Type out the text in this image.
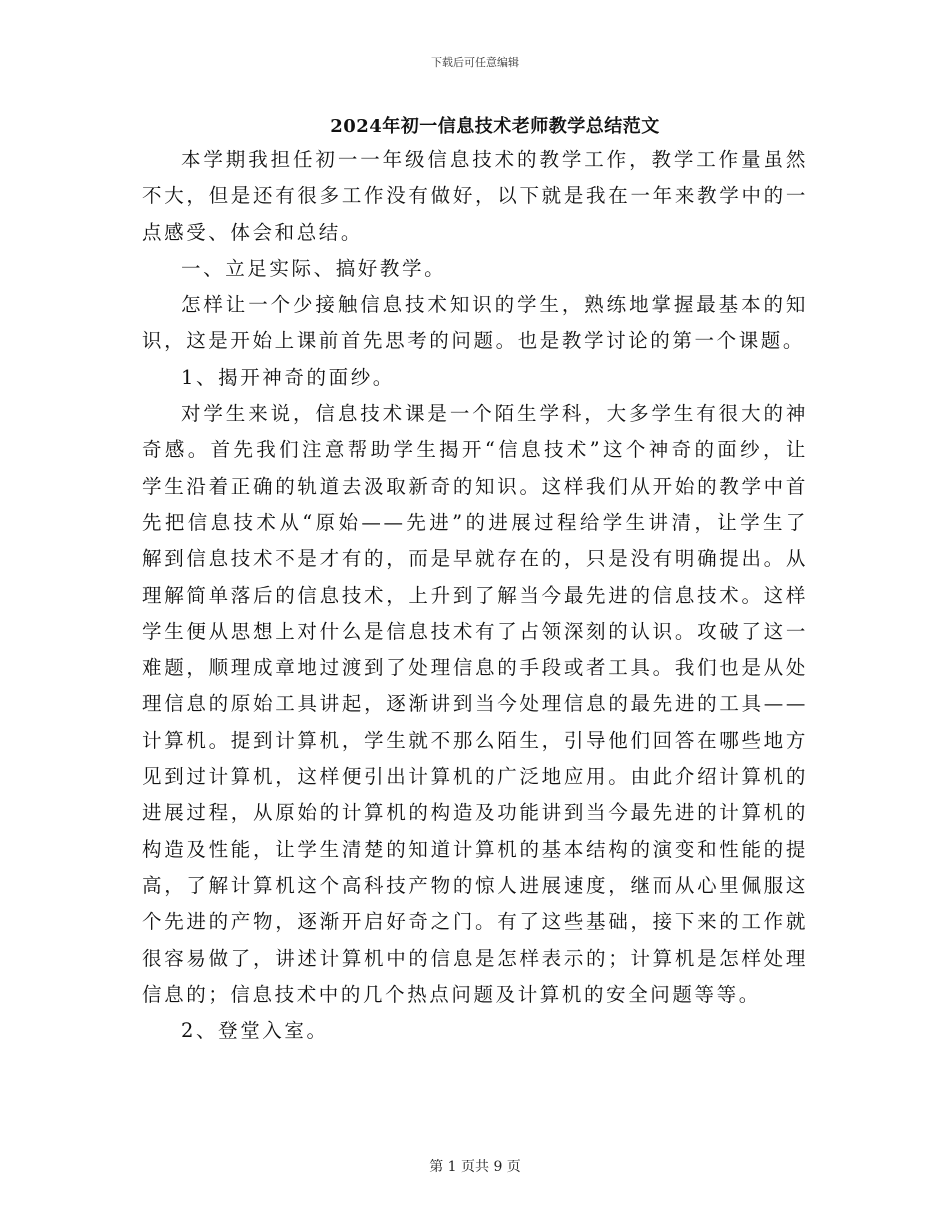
下载后可任意编辑
2024年初一信息技术老师教学总结范文

本学期我担任初一一年级信息技术的教学工作，教学工作量虽然不大，但是还有很多工作没有做好，以下就是我在一年来教学中的一点感受、体会和总结。

一、立足实际、搞好教学。

怎样让一个少接触信息技术知识的学生，熟练地掌握最基本的知识，这是开始上课前首先思考的问题。也是教学讨论的第一个课题。

1、揭开神奇的面纱。

对学生来说，信息技术课是一个陌生学科，大多学生有很大的神奇感。首先我们注意帮助学生揭开“信息技术”这个神奇的面纱，让学生沿着正确的轨道去汲取新奇的知识。这样我们从开始的教学中首先把信息技术从“原始——先进”的进展过程给学生讲清，让学生了解到信息技术不是才有的，而是早就存在的，只是没有明确提出。从理解简单落后的信息技术，上升到了解当今最先进的信息技术。这样学生便从思想上对什么是信息技术有了占领深刻的认识。攻破了这一难题，顺理成章地过渡到了处理信息的手段或者工具。我们也是从处理信息的原始工具讲起，逐渐讲到当今处理信息的最先进的工具——计算机。提到计算机，学生就不那么陌生，引导他们回答在哪些地方见到过计算机，这样便引出计算机的广泛地应用。由此介绍计算机的进展过程，从原始的计算机的构造及功能讲到当今最先进的计算机的构造及性能，让学生清楚的知道计算机的基本结构的演变和性能的提高，了解计算机这个高科技产物的惊人进展速度，继而从心里佩服这个先进的产物，逐渐开启好奇之门。有了这些基础，接下来的工作就很容易做了，讲述计算机中的信息是怎样表示的；计算机是怎样处理信息的；信息技术中的几个热点问题及计算机的安全问题等等。

2、登堂入室。

第 1 页共 9 页
